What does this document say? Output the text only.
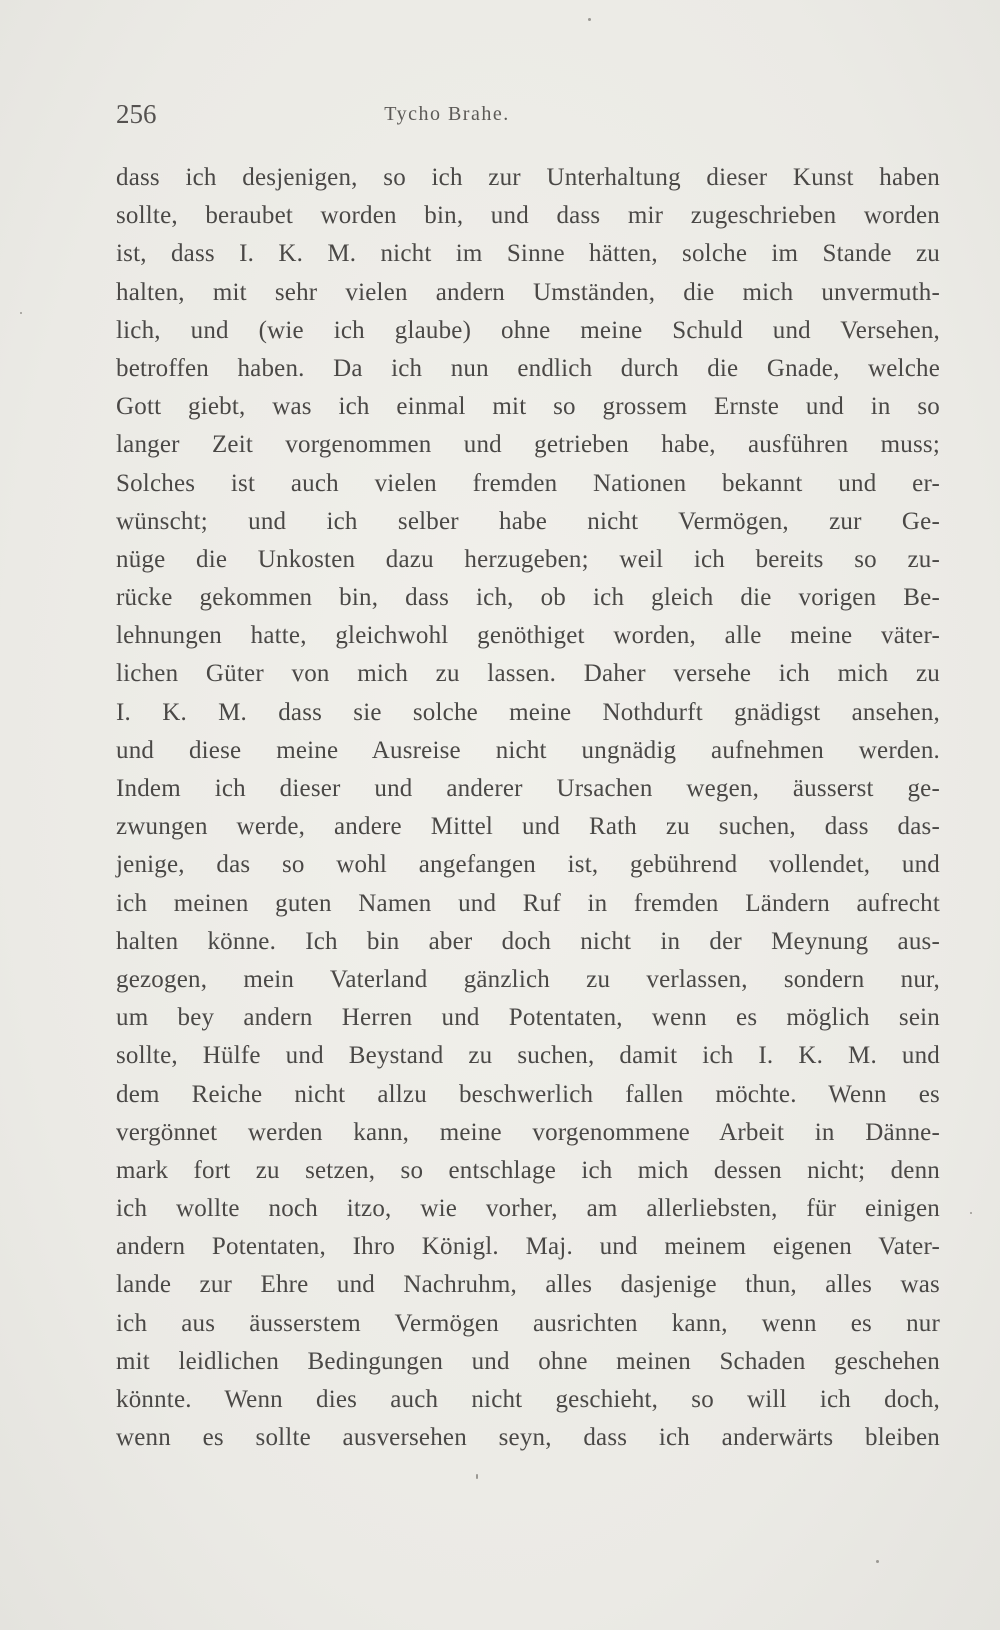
256	Tycho Brahe.
dass ich desjenigen, so ich zur Unterhaltung dieser Kunst haben
sollte, beraubet worden bin, und dass mir zugeschrieben worden
ist, dass I. K. M. nicht im Sinne hätten, solche im Stande zu
halten, mit sehr vielen andern Umständen, die mich unvermuth-
lich, und (wie ich glaube) ohne meine Schuld und Versehen,
betroffen haben. Da ich nun endlich durch die Gnade, welche
Gott giebt, was ich einmal mit so grossem Ernste und in so
langer Zeit vorgenommen und getrieben habe, ausführen muss;
Solches ist auch vielen fremden Nationen bekannt und er-
wünscht; und ich selber habe nicht Vermögen, zur Ge-
nüge die Unkosten dazu herzugeben; weil ich bereits so zu-
rücke gekommen bin, dass ich, ob ich gleich die vorigen Be-
lehnungen hatte, gleichwohl genöthiget worden, alle meine väter-
lichen Güter von mich zu lassen. Daher versehe ich mich zu
I. K. M. dass sie solche meine Nothdurft gnädigst ansehen,
und diese meine Ausreise nicht ungnädig aufnehmen werden.
Indem ich dieser und anderer Ursachen wegen, äusserst ge-
zwungen werde, andere Mittel und Rath zu suchen, dass das-
jenige, das so wohl angefangen ist, gebührend vollendet, und
ich meinen guten Namen und Ruf in fremden Ländern aufrecht
halten könne. Ich bin aber doch nicht in der Meynung aus-
gezogen, mein Vaterland gänzlich zu verlassen, sondern nur,
um bey andern Herren und Potentaten, wenn es möglich sein
sollte, Hülfe und Beystand zu suchen, damit ich I. K. M. und
dem Reiche nicht allzu beschwerlich fallen möchte. Wenn es
vergönnet werden kann, meine vorgenommene Arbeit in Dänne-
mark fort zu setzen, so entschlage ich mich dessen nicht; denn
ich wollte noch itzo, wie vorher, am allerliebsten, für einigen
andern Potentaten, Ihro Königl. Maj. und meinem eigenen Vater-
lande zur Ehre und Nachruhm, alles dasjenige thun, alles was
ich aus äusserstem Vermögen ausrichten kann, wenn es nur
mit leidlichen Bedingungen und ohne meinen Schaden geschehen
könnte. Wenn dies auch nicht geschieht, so will ich doch,
wenn es sollte ausversehen seyn, dass ich anderwärts bleiben
